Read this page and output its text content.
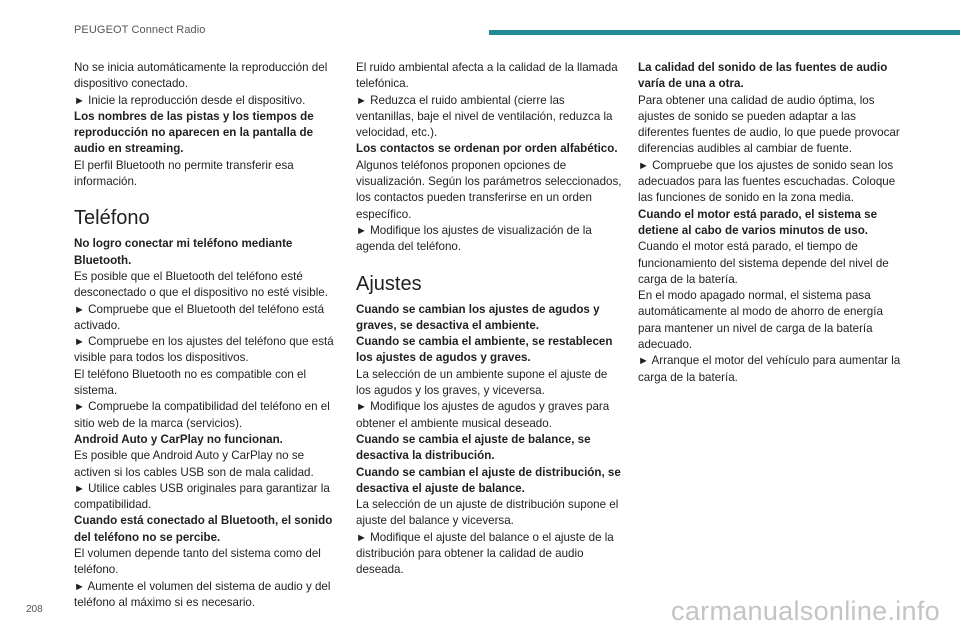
PEUGEOT Connect Radio

No se inicia automáticamente la reproducción del dispositivo conectado.

► Inicie la reproducción desde el dispositivo.

Los nombres de las pistas y los tiempos de reproducción no aparecen en la pantalla de audio en streaming.

El perfil Bluetooth no permite transferir esa información.

Teléfono

No logro conectar mi teléfono mediante Bluetooth.

Es posible que el Bluetooth del teléfono esté desconectado o que el dispositivo no esté visible.

► Compruebe que el Bluetooth del teléfono está activado.

► Compruebe en los ajustes del teléfono que está visible para todos los dispositivos.

El teléfono Bluetooth no es compatible con el sistema.

► Compruebe la compatibilidad del teléfono en el sitio web de la marca (servicios).

Android Auto y CarPlay no funcionan.

Es posible que Android Auto y CarPlay no se activen si los cables USB son de mala calidad.

► Utilice cables USB originales para garantizar la compatibilidad.

Cuando está conectado al Bluetooth, el sonido del teléfono no se percibe.

El volumen depende tanto del sistema como del teléfono.

► Aumente el volumen del sistema de audio y del teléfono al máximo si es necesario.

El ruido ambiental afecta a la calidad de la llamada telefónica.

► Reduzca el ruido ambiental (cierre las ventanillas, baje el nivel de ventilación, reduzca la velocidad, etc.).

Los contactos se ordenan por orden alfabético.

Algunos teléfonos proponen opciones de visualización. Según los parámetros seleccionados, los contactos pueden transferirse en un orden específico.

► Modifique los ajustes de visualización de la agenda del teléfono.

Ajustes

Cuando se cambian los ajustes de agudos y graves, se desactiva el ambiente.

Cuando se cambia el ambiente, se restablecen los ajustes de agudos y graves.

La selección de un ambiente supone el ajuste de los agudos y los graves, y viceversa.

► Modifique los ajustes de agudos y graves para obtener el ambiente musical deseado.

Cuando se cambia el ajuste de balance, se desactiva la distribución.

Cuando se cambian el ajuste de distribución, se desactiva el ajuste de balance.

La selección de un ajuste de distribución supone el ajuste del balance y viceversa.

► Modifique el ajuste del balance o el ajuste de la distribución para obtener la calidad de audio deseada.

La calidad del sonido de las fuentes de audio varía de una a otra.

Para obtener una calidad de audio óptima, los ajustes de sonido se pueden adaptar a las diferentes fuentes de audio, lo que puede provocar diferencias audibles al cambiar de fuente.

► Compruebe que los ajustes de sonido sean los adecuados para las fuentes escuchadas. Coloque las funciones de sonido en la zona media.

Cuando el motor está parado, el sistema se detiene al cabo de varios minutos de uso.

Cuando el motor está parado, el tiempo de funcionamiento del sistema depende del nivel de carga de la batería.

En el modo apagado normal, el sistema pasa automáticamente al modo de ahorro de energía para mantener un nivel de carga de la batería adecuado.

► Arranque el motor del vehículo para aumentar la carga de la batería.

208	carmanualsonline.info
